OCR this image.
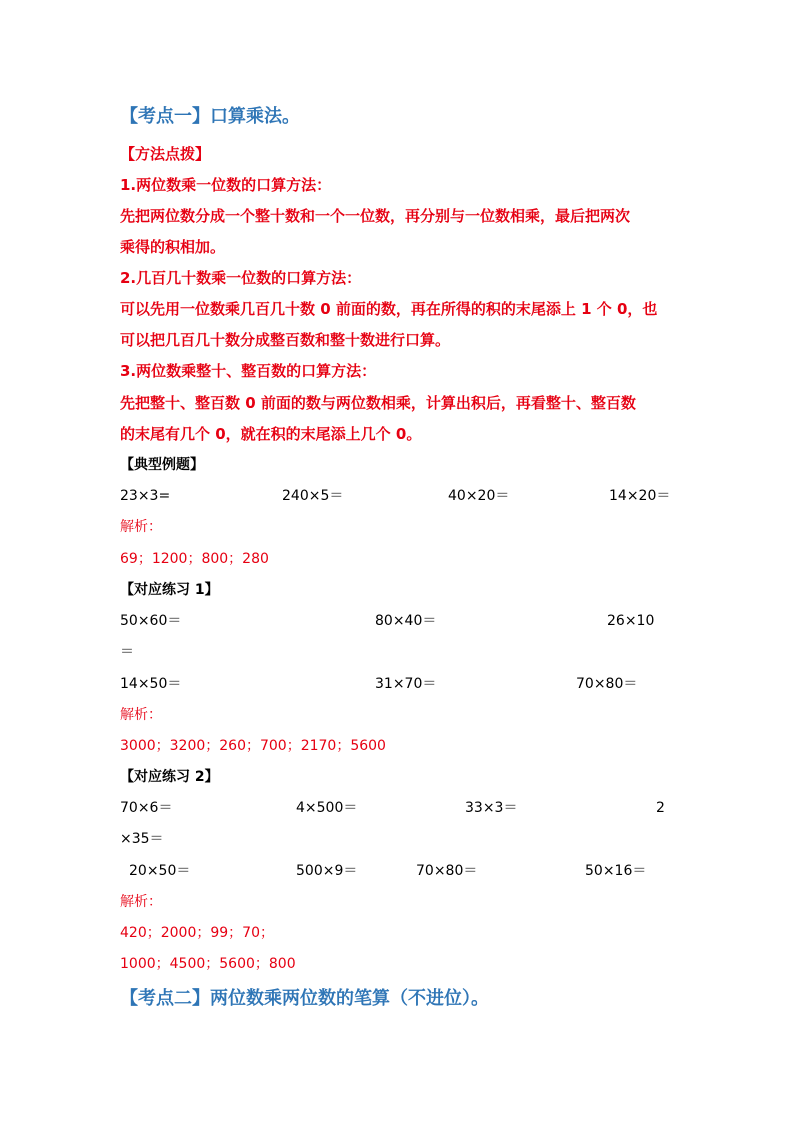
【考点一】口算乘法。
【方法点拨】
1.两位数乘一位数的口算方法：
先把两位数分成一个整十数和一个一位数，再分别与一位数相乘，最后把两次
乘得的积相加。
2.几百几十数乘一位数的口算方法：
可以先用一位数乘几百几十数 0 前面的数，再在所得的积的末尾添上 1 个 0，也
可以把几百几十数分成整百数和整十数进行口算。
3.两位数乘整十、整百数的口算方法：
先把整十、整百数 0 前面的数与两位数相乘，计算出积后，再看整十、整百数
的末尾有几个 0，就在积的末尾添上几个 0。
【典型例题】
23×3=	240×5＝	40×20＝	14×20＝
解析：
69；1200；800；280
【对应练习 1】
50×60＝	80×40＝	26×10
＝
14×50＝	31×70＝	70×80＝
解析：
3000；3200；260；700；2170；5600
【对应练习 2】
70×6＝	4×500＝	33×3＝	2
×35＝
20×50＝	500×9＝	70×80＝	50×16＝
解析：
420；2000；99；70；
1000；4500；5600；800
【考点二】两位数乘两位数的笔算（不进位）。
